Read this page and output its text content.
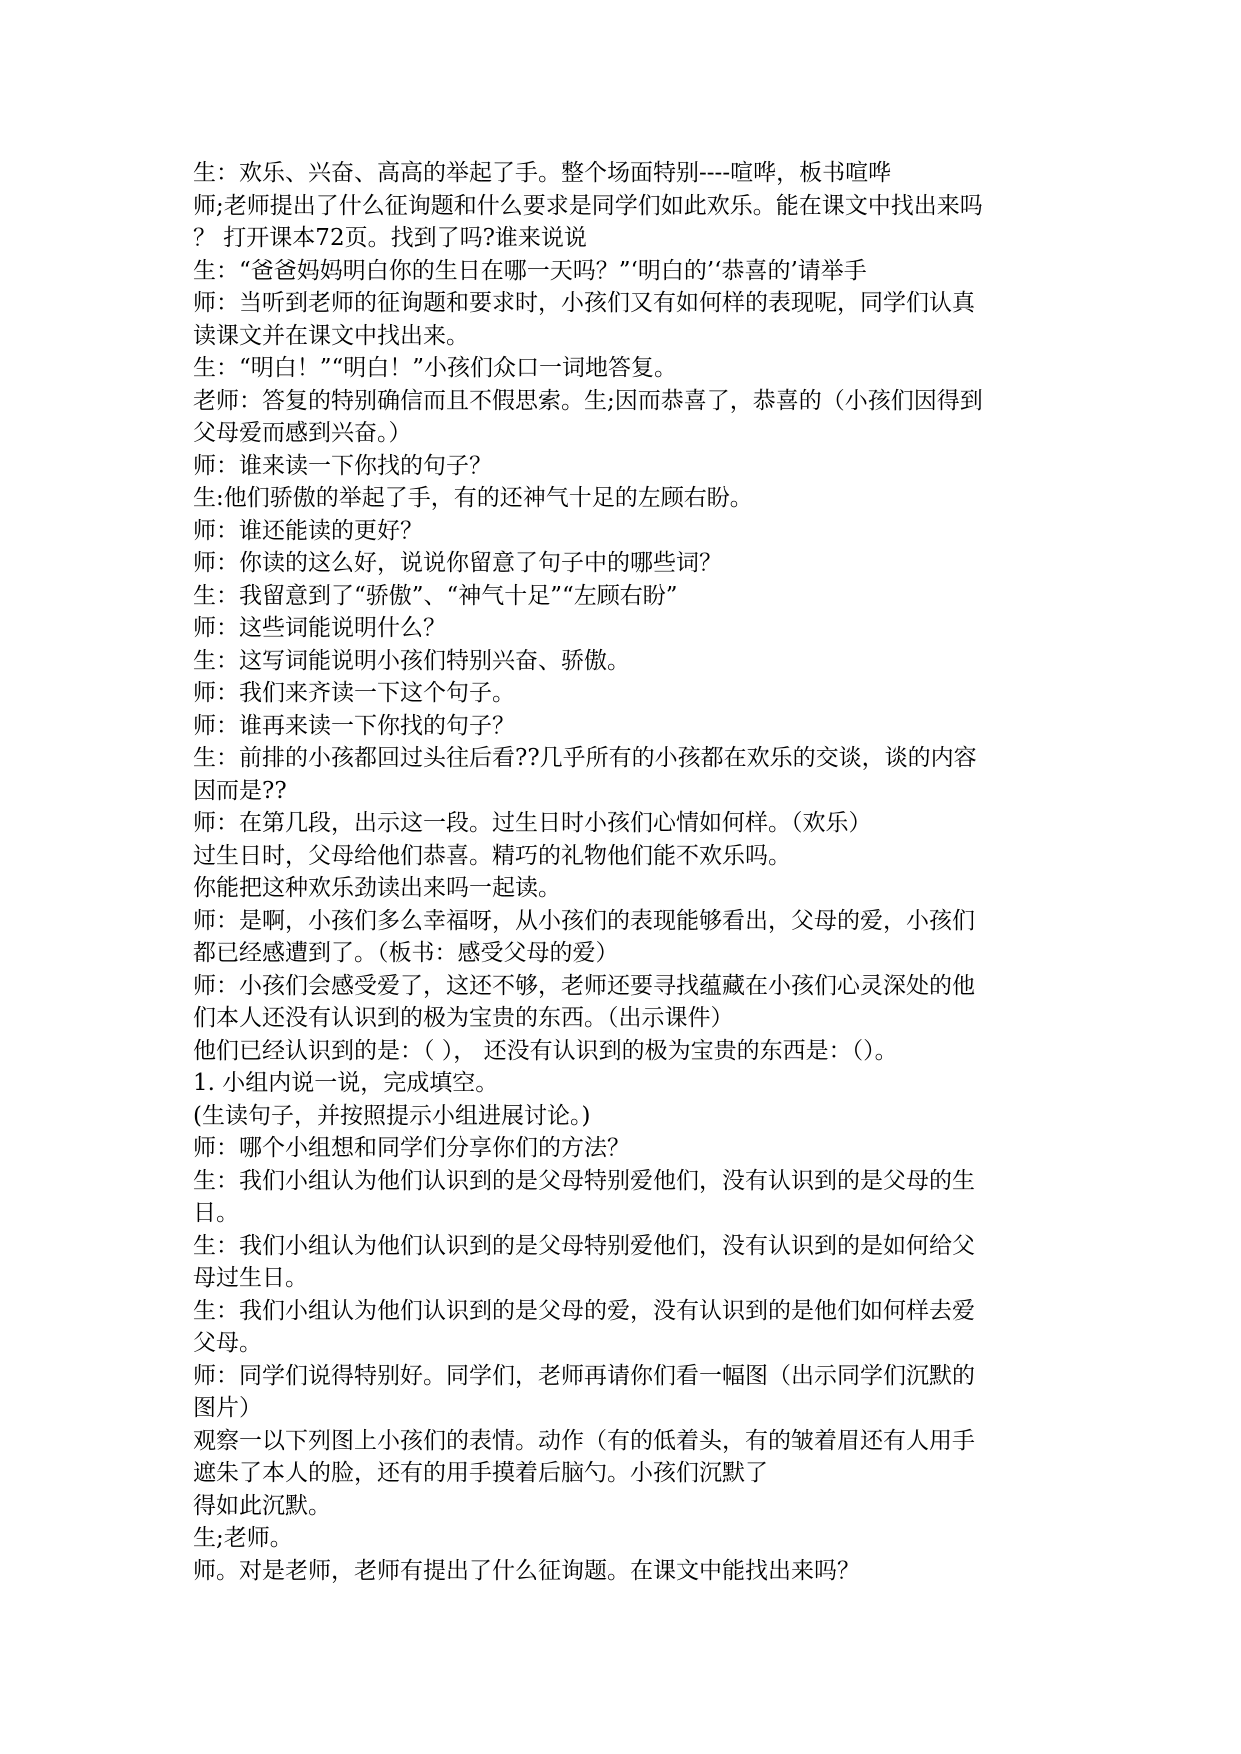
生：欢乐、兴奋、高高的举起了手。整个场面特别----喧哗，板书喧哗
师;老师提出了什么征询题和什么要求是同学们如此欢乐。能在课文中找出来吗
？ 打开课本72页。找到了吗?谁来说说
生：“爸爸妈妈明白你的生日在哪一天吗？”‘明白的’‘恭喜的’请举手
师：当听到老师的征询题和要求时，小孩们又有如何样的表现呢，同学们认真
读课文并在课文中找出来。
生：“明白！”“明白！”小孩们众口一词地答复。
老师：答复的特别确信而且不假思索。生;因而恭喜了，恭喜的（小孩们因得到
父母爱而感到兴奋。）
师：谁来读一下你找的句子？
生:他们骄傲的举起了手，有的还神气十足的左顾右盼。
师：谁还能读的更好？
师：你读的这么好，说说你留意了句子中的哪些词？
生：我留意到了“骄傲”、“神气十足”“左顾右盼”
师：这些词能说明什么？
生：这写词能说明小孩们特别兴奋、骄傲。
师：我们来齐读一下这个句子。
师：谁再来读一下你找的句子？
生：前排的小孩都回过头往后看??几乎所有的小孩都在欢乐的交谈，谈的内容
因而是??
师：在第几段，出示这一段。过生日时小孩们心情如何样。（欢乐）
过生日时，父母给他们恭喜。精巧的礼物他们能不欢乐吗。
你能把这种欢乐劲读出来吗一起读。
师：是啊，小孩们多么幸福呀，从小孩们的表现能够看出，父母的爱，小孩们
都已经感遭到了。（板书：感受父母的爱）
师：小孩们会感受爱了，这还不够，老师还要寻找蕴藏在小孩们心灵深处的他
们本人还没有认识到的极为宝贵的东西。（出示课件）
他们已经认识到的是：（ ）， 还没有认识到的极为宝贵的东西是：（）。
1. 小组内说一说，完成填空。
(生读句子，并按照提示小组进展讨论。)
师：哪个小组想和同学们分享你们的方法？
生：我们小组认为他们认识到的是父母特别爱他们，没有认识到的是父母的生
日。
生：我们小组认为他们认识到的是父母特别爱他们，没有认识到的是如何给父
母过生日。
生：我们小组认为他们认识到的是父母的爱，没有认识到的是他们如何样去爱
父母。
师：同学们说得特别好。同学们，老师再请你们看一幅图（出示同学们沉默的
图片）
观察一以下列图上小孩们的表情。动作（有的低着头，有的皱着眉还有人用手
遮朱了本人的脸，还有的用手摸着后脑勺。小孩们沉默了
得如此沉默。
生;老师。
师。对是老师，老师有提出了什么征询题。在课文中能找出来吗？
